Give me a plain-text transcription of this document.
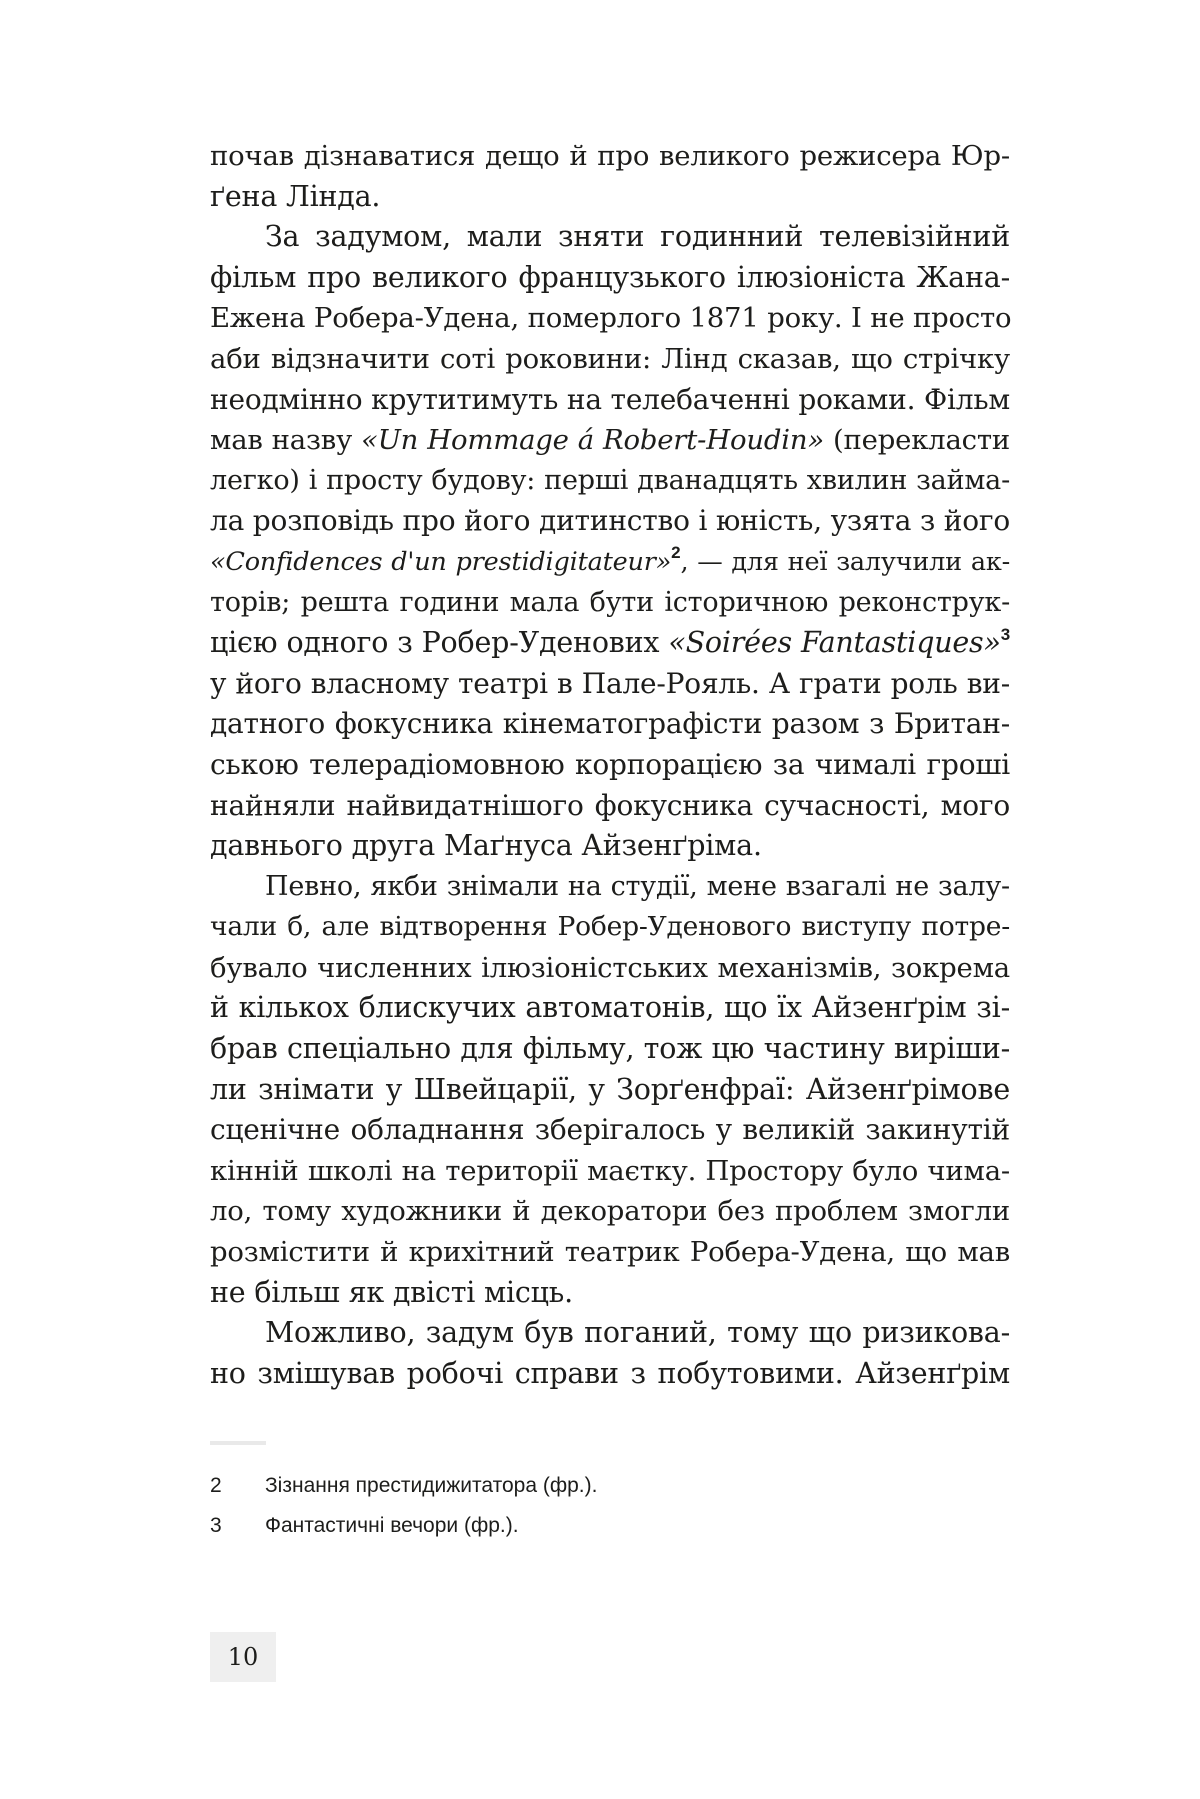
почав дізнаватися дещо й про великого режисера Юр-
ґена Лінда.
За задумом, мали зняти годинний телевізійний
фільм про великого французького ілюзіоніста Жана-
Ежена Робера-Удена, померлого 1871 року. І не просто
аби відзначити соті роковини: Лінд сказав, що стрічку
неодмінно крутитимуть на телебаченні роками. Фільм
мав назву «Un Hommage á Robert-Houdin» (перекласти
легко) і просту будову: перші дванадцять хвилин займа-
ла розповідь про його дитинство і юність, узята з його
«Confidences d'un prestidigitateur»$^2$, — для неї залучили ак-
торів; решта години мала бути історичною реконструк-
цією одного з Робер-Уденових «Soirées Fantastiques»$^3$
у його власному театрі в Пале-Рояль. А грати роль ви-
датного фокусника кінематографісти разом з Британ-
ською телерадіомовною корпорацією за чималі гроші
найняли найвидатнішого фокусника сучасності, мого
давнього друга Маґнуса Айзенґріма.
Певно, якби знімали на студії, мене взагалі не залу-
чали б, але відтворення Робер-Уденового виступу потре-
бувало численних ілюзіоністських механізмів, зокрема
й кількох блискучих автоматонів, що їх Айзенґрім зі-
брав спеціально для фільму, тож цю частину виріши-
ли знімати у Швейцарії, у Зорґенфраї: Айзенґрімове
сценічне обладнання зберігалось у великій закинутій
кінній школі на території маєтку. Простору було чима-
ло, тому художники й декоратори без проблем змогли
розмістити й крихітний театрик Робера-Удена, що мав
не більш як двісті місць.
Можливо, задум був поганий, тому що ризикова-
но змішував робочі справи з побутовими. Айзенґрім
2	Зізнання престидижитатора (фр.).
3	Фантастичні вечори (фр.).
10
